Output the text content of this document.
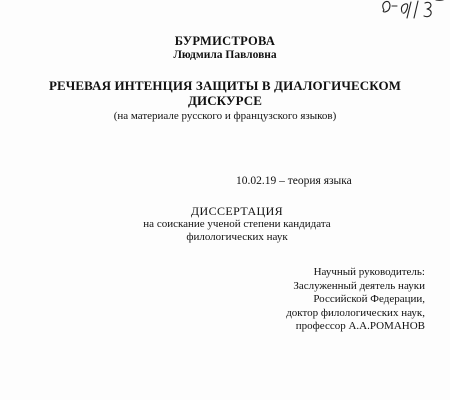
БУРМИСТРОВА
Людмила Павловна
РЕЧЕВАЯ ИНТЕНЦИЯ ЗАЩИТЫ В ДИАЛОГИЧЕСКОМ
ДИСКУРСЕ
(на материале русского и французского языков)
10.02.19 – теория языка
ДИССЕРТАЦИЯ
на соискание ученой степени кандидата
филологических наук
Научный руководитель:
Заслуженный деятель науки
Российской Федерации,
доктор филологических наук,
профессор А.А.РОМАНОВ
